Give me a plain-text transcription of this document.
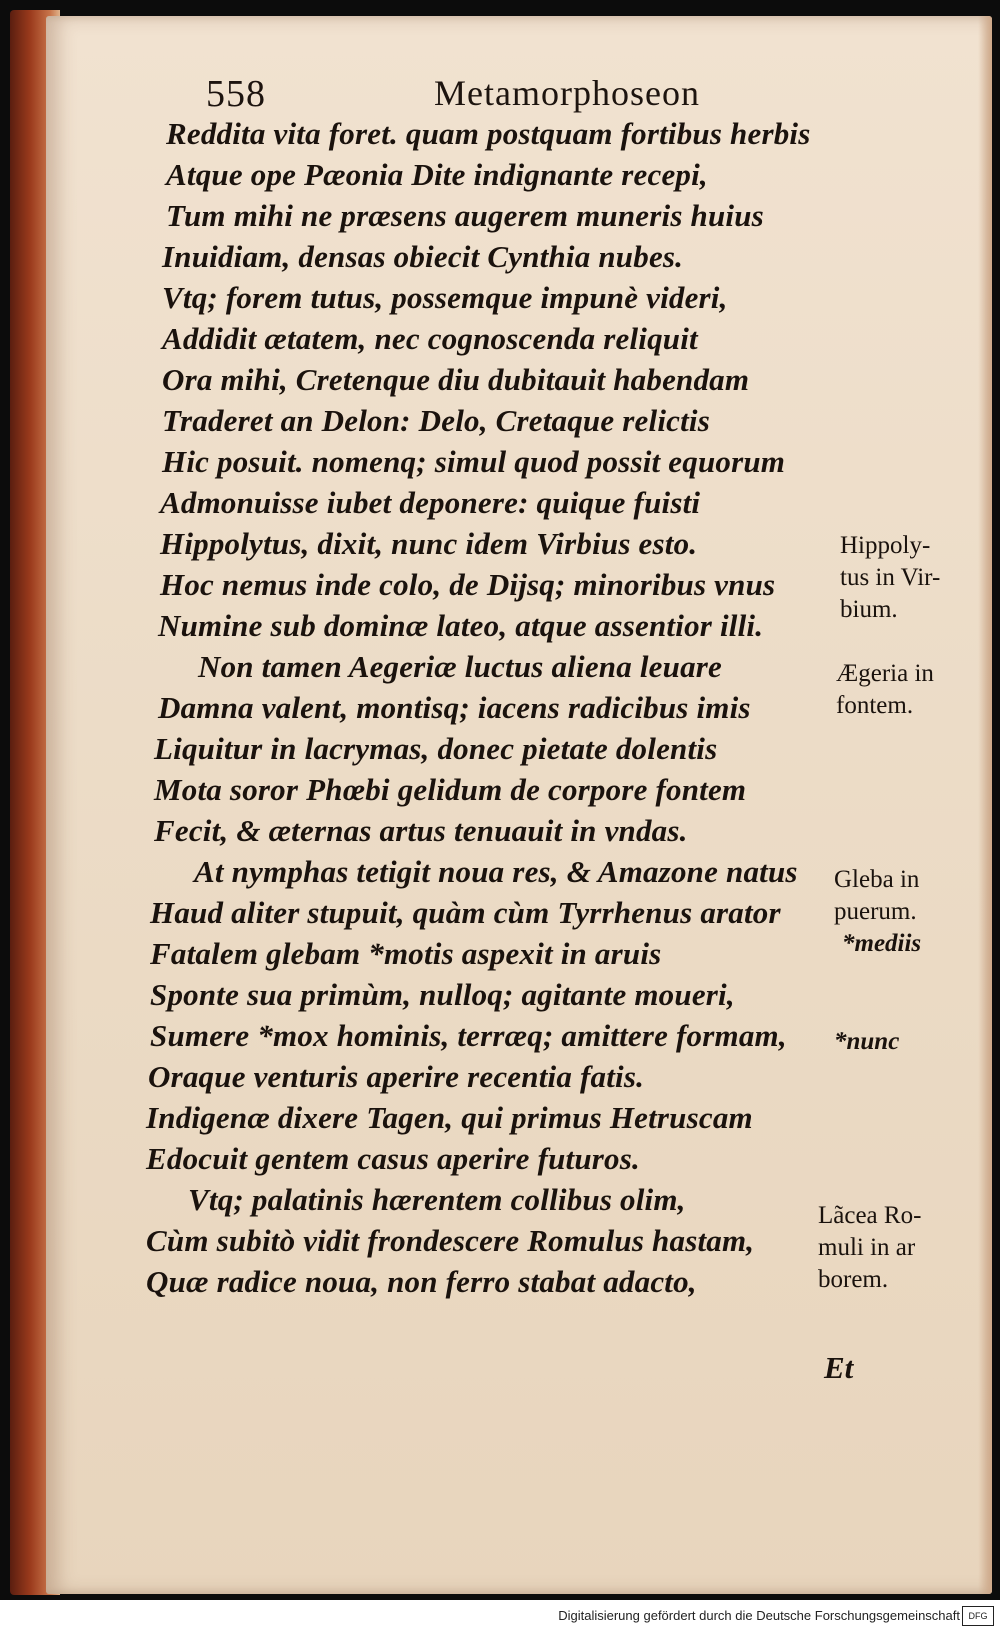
558	Metamorphoseon
Reddita vita foret. quam postquam fortibus herbis
Atque ope Pæonia Dite indignante recepi,
Tum mihi ne præsens augerem muneris huius
Inuidiam, densas obiecit Cynthia nubes.
Vtq; forem tutus, possemque impunè videri,
Addidit ætatem, nec cognoscenda reliquit
Ora mihi, Cretenque diu dubitauit habendam
Traderet an Delon: Delo, Cretaque relictis
Hic posuit. nomenq; simul quod possit equorum
Admonuisse iubet deponere: quique fuisti
Hippolytus, dixit, nunc idem Virbius esto.
Hoc nemus inde colo, de Dijsq; minoribus vnus
Numine sub dominæ lateo, atque assentior illi.
Non tamen Aegeriæ luctus aliena leuare
Damna valent, montisq; iacens radicibus imis
Liquitur in lacrymas, donec pietate dolentis
Mota soror Phœbi gelidum de corpore fontem
Fecit, & æternas artus tenuauit in vndas.
At nymphas tetigit noua res, & Amazone natus
Haud aliter stupuit, quàm cùm Tyrrhenus arator
Fatalem glebam *motis aspexit in aruis
Sponte sua primùm, nulloq; agitante moueri,
Sumere *mox hominis, terræq; amittere formam,
Oraque venturis aperire recentia fatis.
Indigenæ dixere Tagen, qui primus Hetruscam
Edocuit gentem casus aperire futuros.
Vtq; palatinis hærentem collibus olim,
Cùm subitò vidit frondescere Romulus hastam,
Quæ radice noua, non ferro stabat adacto,
Hippoly-
tus in Vir-
bium.
Ægeria in
fontem.
Gleba in
puerum.
*mediis
*nunc
Lãcea Ro-
muli in ar
borem.
Et
Digitalisierung gefördert durch die Deutsche Forschungsgemeinschaft DFG
